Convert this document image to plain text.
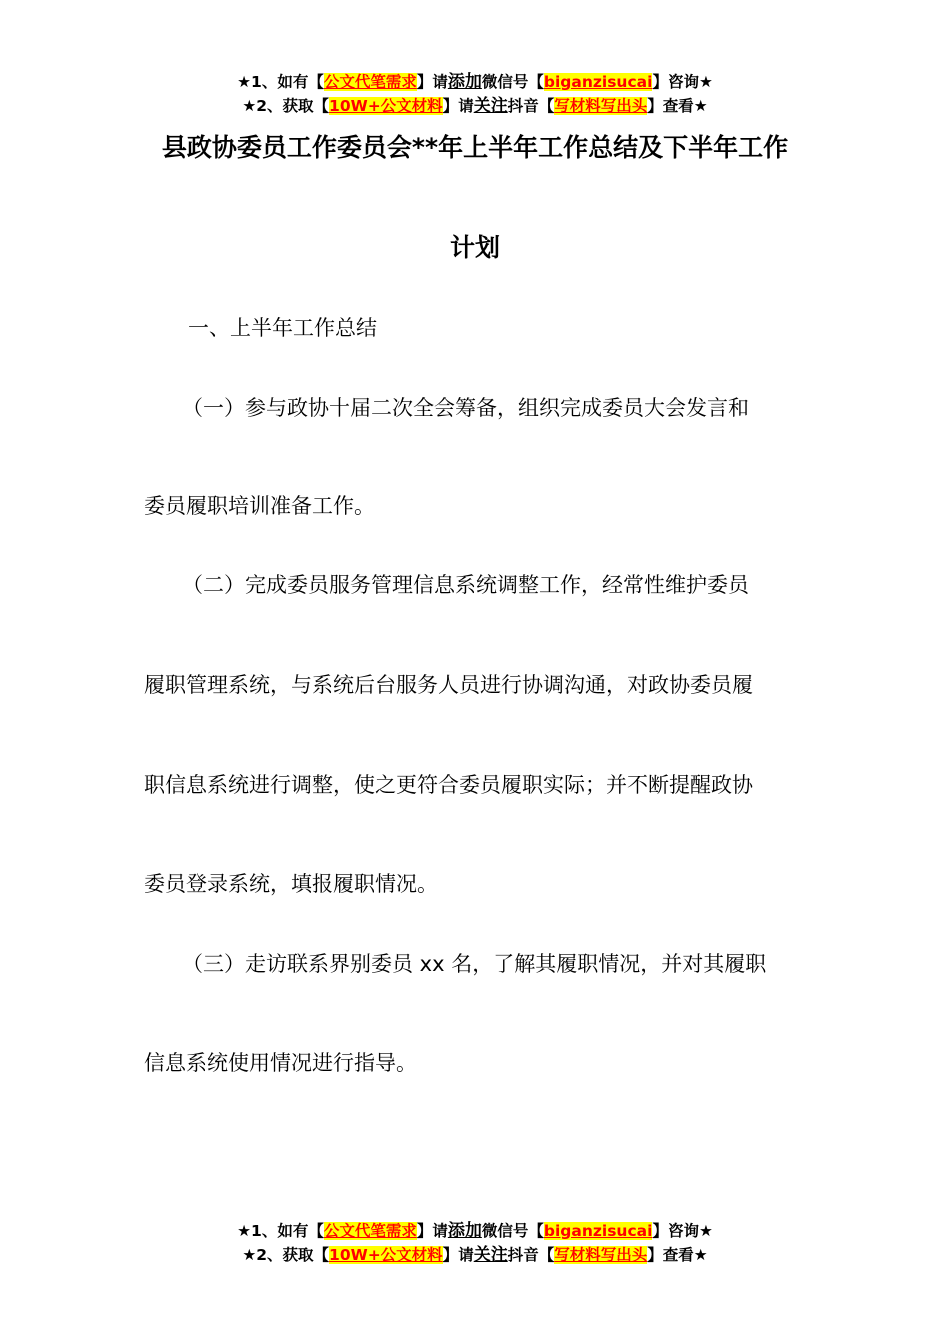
★1、如有【公文代笔需求】请添加微信号【biganzisucai】咨询★
★2、获取【10W+公文材料】请关注抖音【写材料写出头】查看★
县政协委员工作委员会**年上半年工作总结及下半年工作
计划
一、上半年工作总结
（一）参与政协十届二次全会筹备，组织完成委员大会发言和
委员履职培训准备工作。
（二）完成委员服务管理信息系统调整工作，经常性维护委员
履职管理系统，与系统后台服务人员进行协调沟通，对政协委员履
职信息系统进行调整，使之更符合委员履职实际；并不断提醒政协
委员登录系统，填报履职情况。
（三）走访联系界别委员 xx 名，了解其履职情况，并对其履职
信息系统使用情况进行指导。
★1、如有【公文代笔需求】请添加微信号【biganzisucai】咨询★
★2、获取【10W+公文材料】请关注抖音【写材料写出头】查看★
